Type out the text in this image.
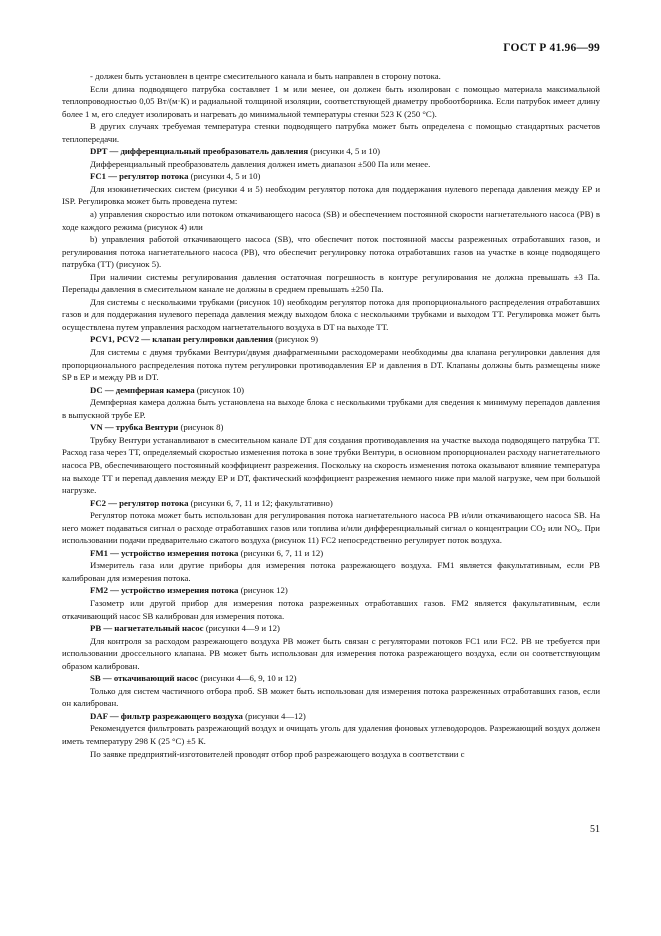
ГОСТ Р 41.96—99

- должен быть установлен в центре смесительного канала и быть направлен в сторону потока.

Если длина подводящего патрубка составляет 1 м или менее, он должен быть изолирован с помощью материала максимальной теплопроводностью 0,05 Вт/(м·К) и радиальной толщиной изоляции, соответствующей диаметру пробоотборника. Если патрубок имеет длину более 1 м, его следует изолировать и нагревать до минимальной температуры стенки 523 К (250 °С).

В других случаях требуемая температура стенки подводящего патрубка может быть определена с помощью стандартных расчетов теплопередачи.

DPT — дифференциальный преобразователь давления (рисунки 4, 5 и 10)

Дифференциальный преобразователь давления должен иметь диапазон ±500 Па или менее.

FC1 — регулятор потока (рисунки 4, 5 и 10)

Для изокинетических систем (рисунки 4 и 5) необходим регулятор потока для поддержания нулевого перепада давления между ЕР и ISP. Регулировка может быть проведена путем:

а) управления скоростью или потоком откачивающего насоса (SB) и обеспечением постоянной скорости нагнетательного насоса (РВ) в ходе каждого режима (рисунок 4) или

b) управления работой откачивающего насоса (SB), что обеспечит поток постоянной массы разреженных отработавших газов, и регулирования потока нагнетательного насоса (РВ), что обеспечит регулировку потока отработавших газов на участке в конце подводящего патрубка (ТТ) (рисунок 5).

При наличии системы регулирования давления остаточная погрешность в контуре регулирования не должна превышать ±3 Па. Перепады давления в смесительном канале не должны в среднем превышать ±250 Па.

Для системы с несколькими трубками (рисунок 10) необходим регулятор потока для пропорционального распределения отработавших газов и для поддержания нулевого перепада давления между выходом блока с несколькими трубками и выходом ТТ. Регулировка может быть осуществлена путем управления расходом нагнетательного воздуха в DT на выходе ТТ.

PCV1, PCV2 — клапан регулировки давления (рисунок 9)

Для системы с двумя трубками Вентури/двумя диафрагменными расходомерами необходимы два клапана регулировки давления для пропорционального распределения потока путем регулировки противодавления ЕР и давления в DT. Клапаны должны быть размещены ниже SP в ЕР и между РВ и DT.

DC — демпферная камера (рисунок 10)

Демпферная камера должна быть установлена на выходе блока с несколькими трубками для сведения к минимуму перепадов давления в выпускной трубе ЕР.

VN — трубка Вентури (рисунок 8)

Трубку Вентури устанавливают в смесительном канале DT для создания противодавления на участке выхода подводящего патрубка ТТ. Расход газа через ТТ, определяемый скоростью изменения потока в зоне трубки Вентури, в основном пропорционален расходу нагнетательного насоса РВ, обеспечивающего постоянный коэффициент разрежения. Поскольку на скорость изменения потока оказывают влияние температура на выходе ТТ и перепад давления между ЕР и DT, фактический коэффициент разрежения немного ниже при малой нагрузке, чем при большой нагрузке.

FC2 — регулятор потока (рисунки 6, 7, 11 и 12; факультативно)

Регулятор потока может быть использован для регулирования потока нагнетательного насоса РВ и/или откачивающего насоса SB. На него может подаваться сигнал о расходе отработавших газов или топлива и/или дифференциальный сигнал о концентрации $CO_2$ или $NO_x$. При использовании подачи предварительно сжатого воздуха (рисунок 11) FC2 непосредственно регулирует поток воздуха.

FM1 — устройство измерения потока (рисунки 6, 7, 11 и 12)

Измеритель газа или другие приборы для измерения потока разрежающего воздуха. FM1 является факультативным, если РВ калиброван для измерения потока.

FM2 — устройство измерения потока (рисунок 12)

Газометр или другой прибор для измерения потока разреженных отработавших газов. FM2 является факультативным, если откачивающий насос SB калиброван для измерения потока.

РВ — нагнетательный насос (рисунки 4—9 и 12)

Для контроля за расходом разрежающего воздуха РВ может быть связан с регуляторами потоков FC1 или FC2. РВ не требуется при использовании дроссельного клапана. РВ может быть использован для измерения потока разрежающего воздуха, если он соответствующим образом калиброван.

SB — откачивающий насос (рисунки 4—6, 9, 10 и 12)

Только для систем частичного отбора проб. SB может быть использован для измерения потока разреженных отработавших газов, если он калиброван.

DAF — фильтр разрежающего воздуха (рисунки 4—12)

Рекомендуется фильтровать разрежающий воздух и очищать уголь для удаления фоновых углеводородов. Разрежающий воздух должен иметь температуру 298 К (25 °С) ±5 К.

По заявке предприятий-изготовителей проводят отбор проб разрежающего воздуха в соответствии с

51
